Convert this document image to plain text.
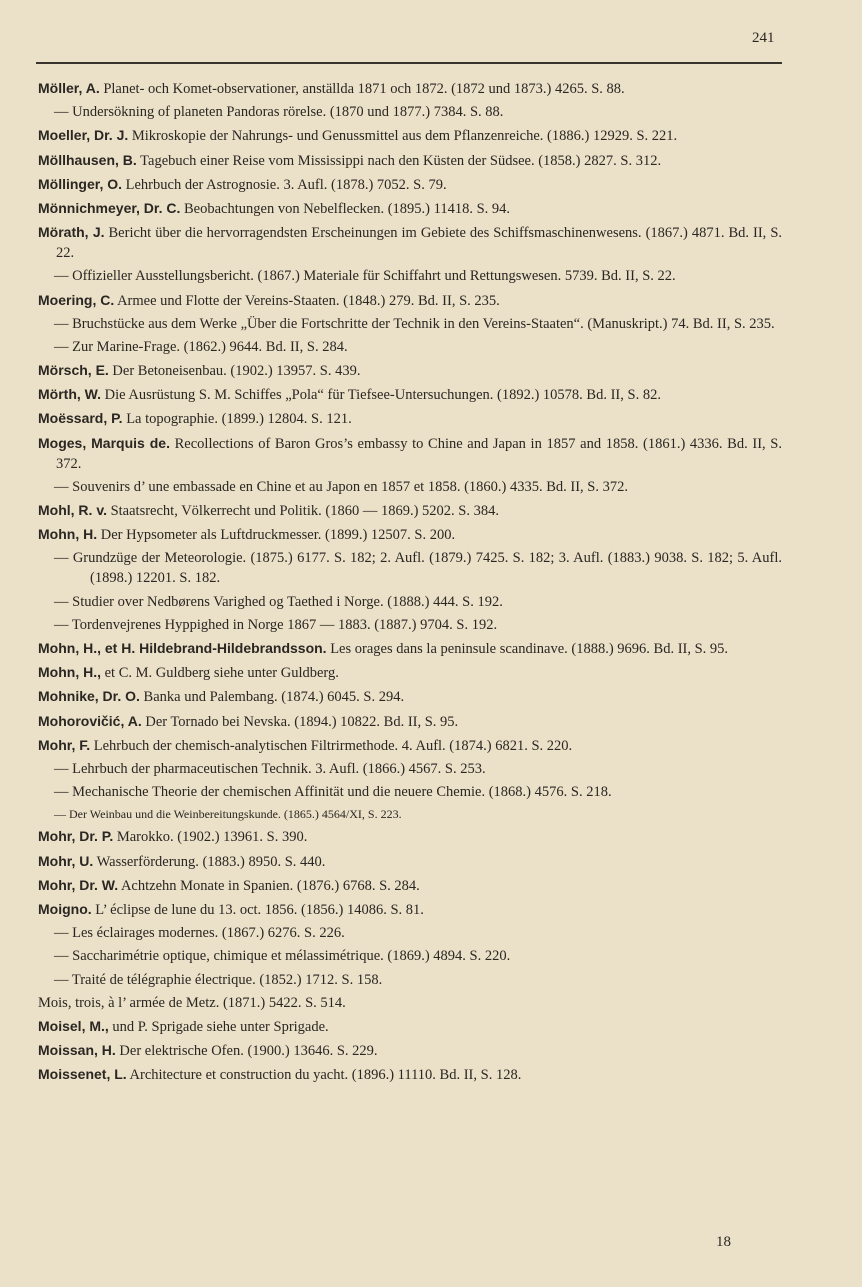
241
Möller, A. Planet- och Komet-observationer, anställda 1871 och 1872. (1872 und 1873.) 4265. S. 88.
— Undersökning of planeten Pandoras rörelse. (1870 und 1877.) 7384. S. 88.
Moeller, Dr. J. Mikroskopie der Nahrungs- und Genussmittel aus dem Pflanzenreiche. (1886.) 12929. S. 221.
Möllhausen, B. Tagebuch einer Reise vom Mississippi nach den Küsten der Südsee. (1858.) 2827. S. 312.
Möllinger, O. Lehrbuch der Astrognosie. 3. Aufl. (1878.) 7052. S. 79.
Mönnichmeyer, Dr. C. Beobachtungen von Nebelflecken. (1895.) 11418. S. 94.
Mörath, J. Bericht über die hervorragendsten Erscheinungen im Gebiete des Schiffsmaschinenwesens. (1867.) 4871. Bd. II, S. 22.
— Offizieller Ausstellungsbericht. (1867.) Materiale für Schiffahrt und Rettungswesen. 5739. Bd. II, S. 22.
Moering, C. Armee und Flotte der Vereins-Staaten. (1848.) 279. Bd. II, S. 235.
— Bruchstücke aus dem Werke „Über die Fortschritte der Technik in den Vereins-Staaten“. (Manuskript.) 74. Bd. II, S. 235.
— Zur Marine-Frage. (1862.) 9644. Bd. II, S. 284.
Mörsch, E. Der Betoneisenbau. (1902.) 13957. S. 439.
Mörth, W. Die Ausrüstung S. M. Schiffes „Pola“ für Tiefsee-Untersuchungen. (1892.) 10578. Bd. II, S. 82.
Moëssard, P. La topographie. (1899.) 12804. S. 121.
Moges, Marquis de. Recollections of Baron Gros’s embassy to Chine and Japan in 1857 and 1858. (1861.) 4336. Bd. II, S. 372.
— Souvenirs d’ une embassade en Chine et au Japon en 1857 et 1858. (1860.) 4335. Bd. II, S. 372.
Mohl, R. v. Staatsrecht, Völkerrecht und Politik. (1860 — 1869.) 5202. S. 384.
Mohn, H. Der Hypsometer als Luftdruckmesser. (1899.) 12507. S. 200.
— Grundzüge der Meteorologie. (1875.) 6177. S. 182; 2. Aufl. (1879.) 7425. S. 182; 3. Aufl. (1883.) 9038. S. 182; 5. Aufl. (1898.) 12201. S. 182.
— Studier over Nedbørens Varighed og Taethed i Norge. (1888.) 444. S. 192.
— Tordenvejrenes Hyppighed in Norge 1867 — 1883. (1887.) 9704. S. 192.
Mohn, H., et H. Hildebrand-Hildebrandsson. Les orages dans la peninsule scandinave. (1888.) 9696. Bd. II, S. 95.
Mohn, H., et C. M. Guldberg siehe unter Guldberg.
Mohnike, Dr. O. Banka und Palembang. (1874.) 6045. S. 294.
Mohorovičić, A. Der Tornado bei Nevska. (1894.) 10822. Bd. II, S. 95.
Mohr, F. Lehrbuch der chemisch-analytischen Filtrirmethode. 4. Aufl. (1874.) 6821. S. 220.
— Lehrbuch der pharmaceutischen Technik. 3. Aufl. (1866.) 4567. S. 253.
— Mechanische Theorie der chemischen Affinität und die neuere Chemie. (1868.) 4576. S. 218.
— Der Weinbau und die Weinbereitungskunde. (1865.) 4564/XI, S. 223.
Mohr, Dr. P. Marokko. (1902.) 13961. S. 390.
Mohr, U. Wasserförderung. (1883.) 8950. S. 440.
Mohr, Dr. W. Achtzehn Monate in Spanien. (1876.) 6768. S. 284.
Moigno. L’ éclipse de lune du 13. oct. 1856. (1856.) 14086. S. 81.
— Les éclairages modernes. (1867.) 6276. S. 226.
— Saccharimétrie optique, chimique et mélassimétrique. (1869.) 4894. S. 220.
— Traité de télégraphie électrique. (1852.) 1712. S. 158.
Mois, trois, à l’ armée de Metz. (1871.) 5422. S. 514.
Moisel, M., und P. Sprigade siehe unter Sprigade.
Moissan, H. Der elektrische Ofen. (1900.) 13646. S. 229.
Moissenet, L. Architecture et construction du yacht. (1896.) 11110. Bd. II, S. 128.
18
